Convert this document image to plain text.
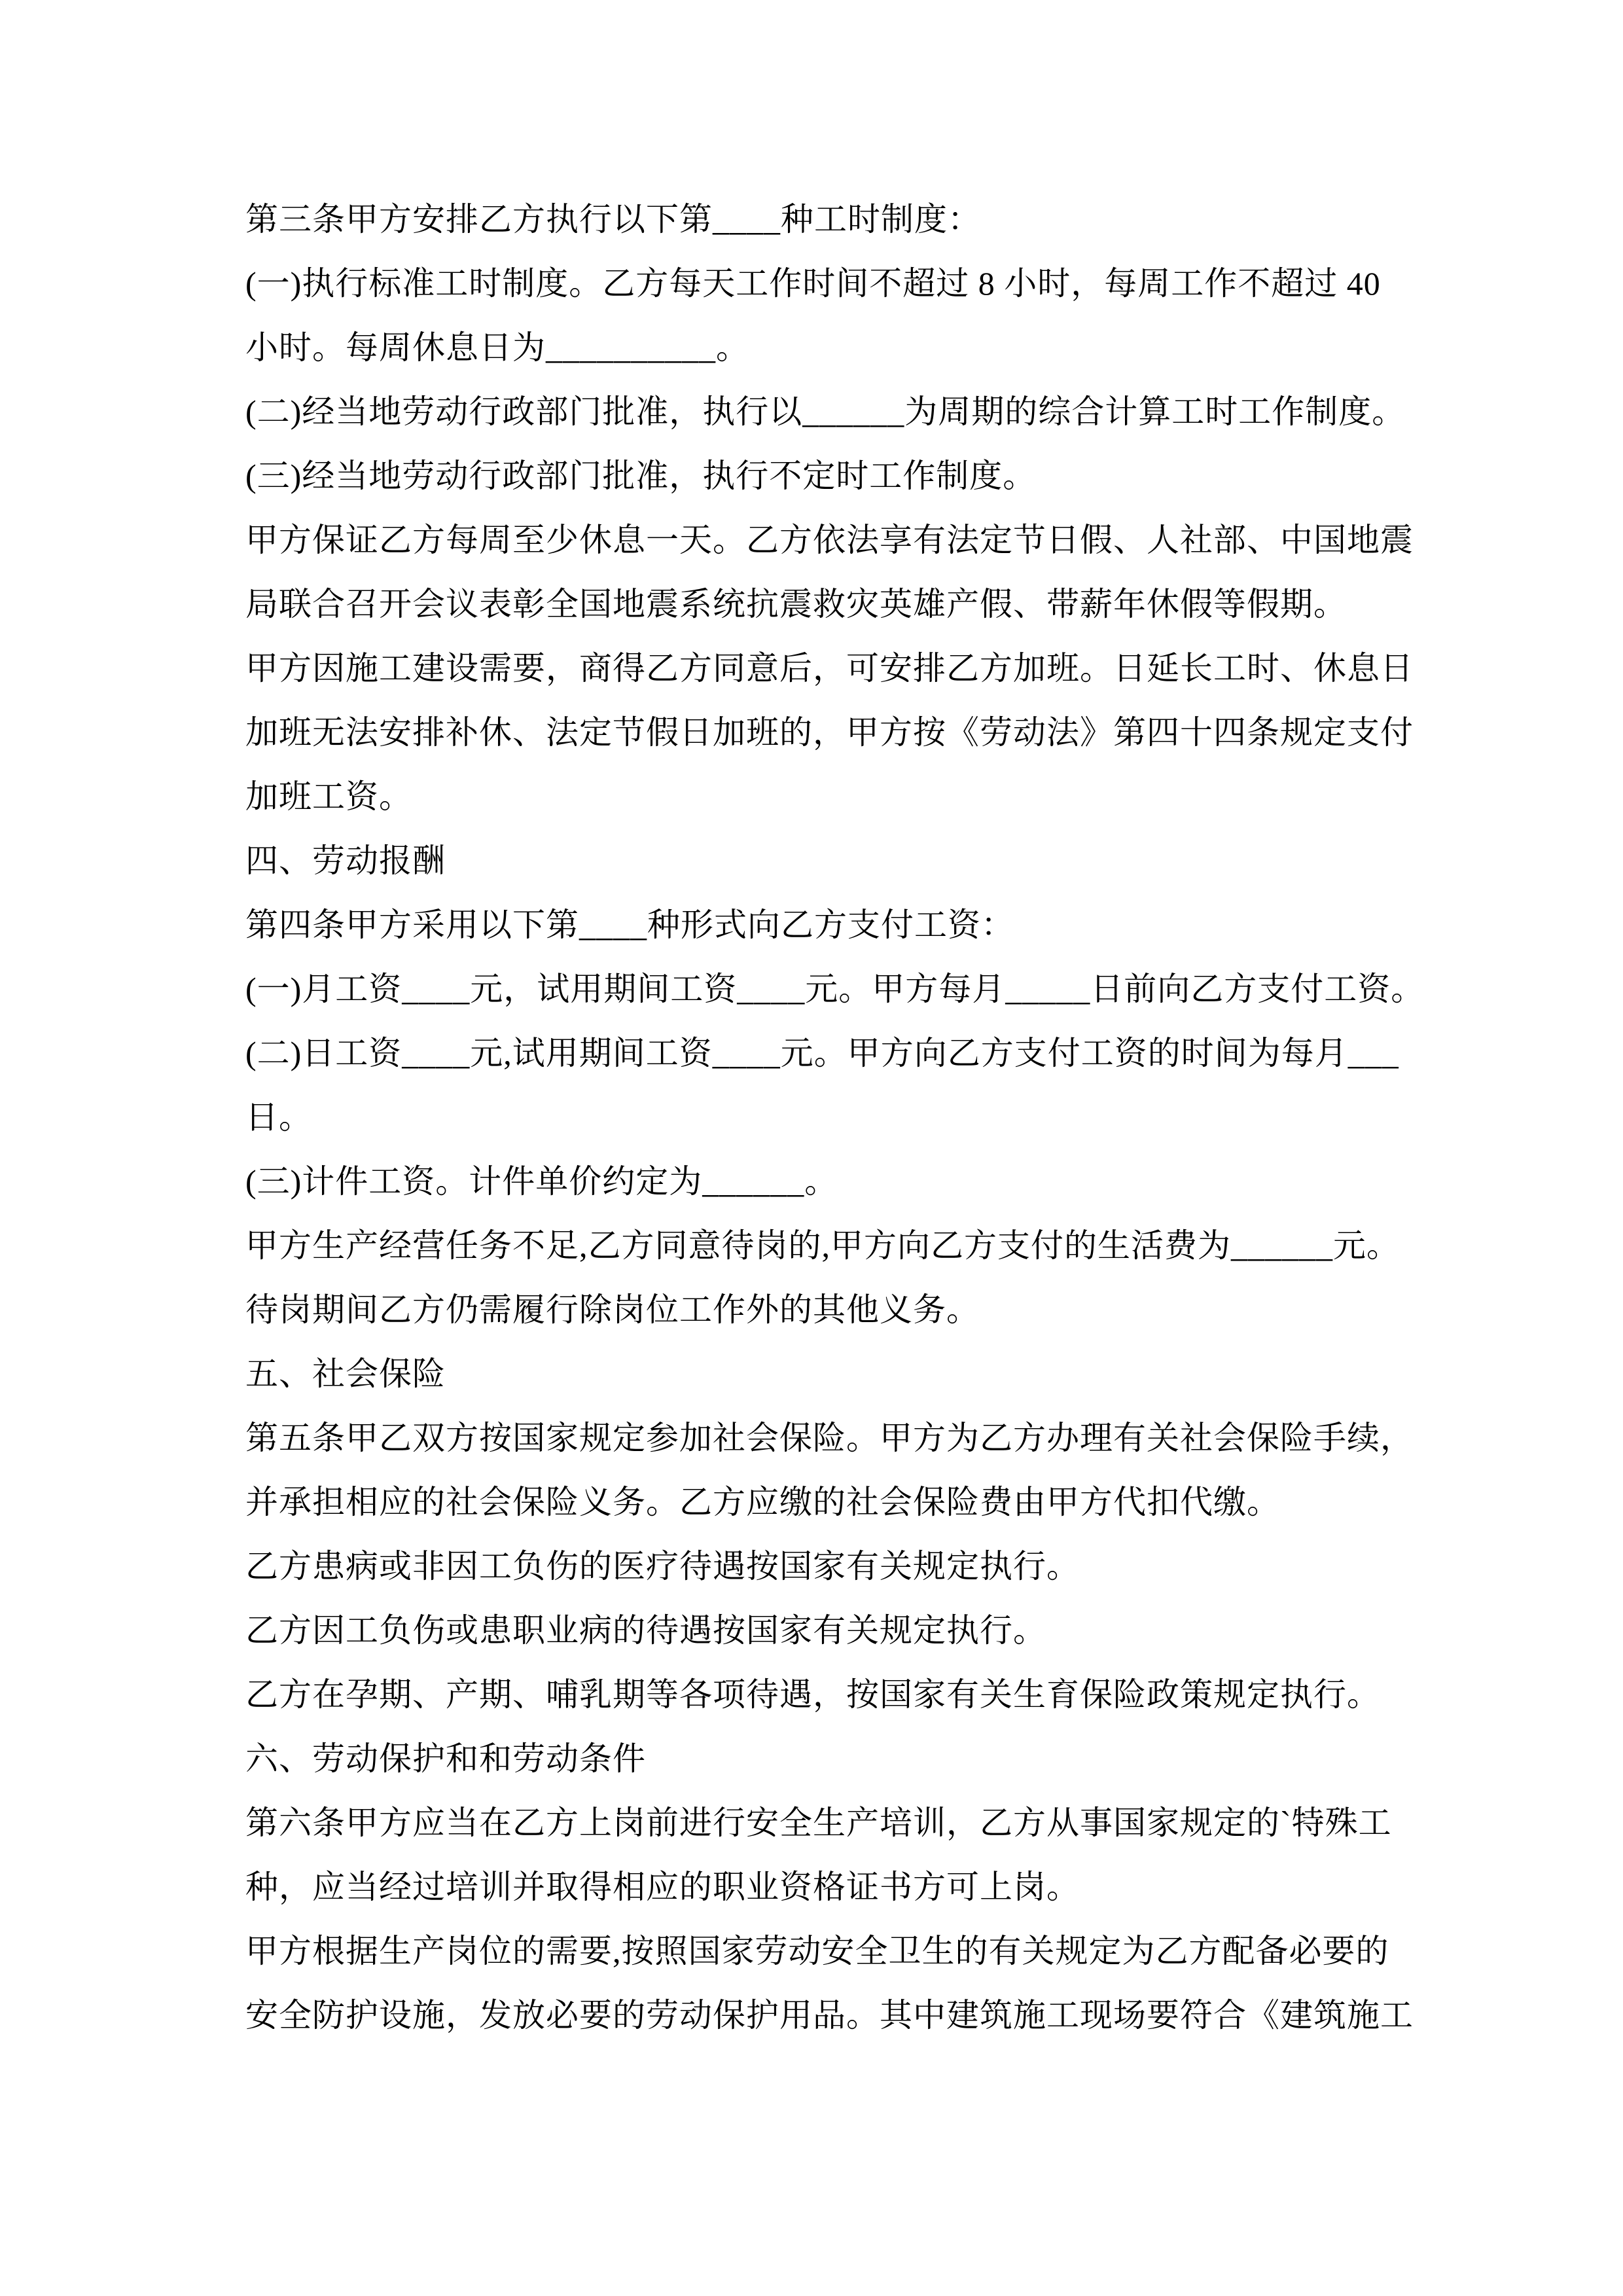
第三条甲方安排乙方执行以下第____种工时制度：
(一)执行标准工时制度。乙方每天工作时间不超过 8 小时，每周工作不超过 40
小时。每周休息日为__________。
(二)经当地劳动行政部门批准，执行以______为周期的综合计算工时工作制度。
(三)经当地劳动行政部门批准，执行不定时工作制度。
甲方保证乙方每周至少休息一天。乙方依法享有法定节日假、人社部、中国地震
局联合召开会议表彰全国地震系统抗震救灾英雄产假、带薪年休假等假期。
甲方因施工建设需要，商得乙方同意后，可安排乙方加班。日延长工时、休息日
加班无法安排补休、法定节假日加班的，甲方按《劳动法》第四十四条规定支付
加班工资。
四、劳动报酬
第四条甲方采用以下第____种形式向乙方支付工资：
(一)月工资____元，试用期间工资____元。甲方每月_____日前向乙方支付工资。
(二)日工资____元,试用期间工资____元。甲方向乙方支付工资的时间为每月___
日。
(三)计件工资。计件单价约定为______。
甲方生产经营任务不足,乙方同意待岗的,甲方向乙方支付的生活费为______元。
待岗期间乙方仍需履行除岗位工作外的其他义务。
五、社会保险
第五条甲乙双方按国家规定参加社会保险。甲方为乙方办理有关社会保险手续，
并承担相应的社会保险义务。乙方应缴的社会保险费由甲方代扣代缴。
乙方患病或非因工负伤的医疗待遇按国家有关规定执行。
乙方因工负伤或患职业病的待遇按国家有关规定执行。
乙方在孕期、产期、哺乳期等各项待遇，按国家有关生育保险政策规定执行。
六、劳动保护和和劳动条件
第六条甲方应当在乙方上岗前进行安全生产培训，乙方从事国家规定的`特殊工
种，应当经过培训并取得相应的职业资格证书方可上岗。
甲方根据生产岗位的需要,按照国家劳动安全卫生的有关规定为乙方配备必要的
安全防护设施，发放必要的劳动保护用品。其中建筑施工现场要符合《建筑施工
